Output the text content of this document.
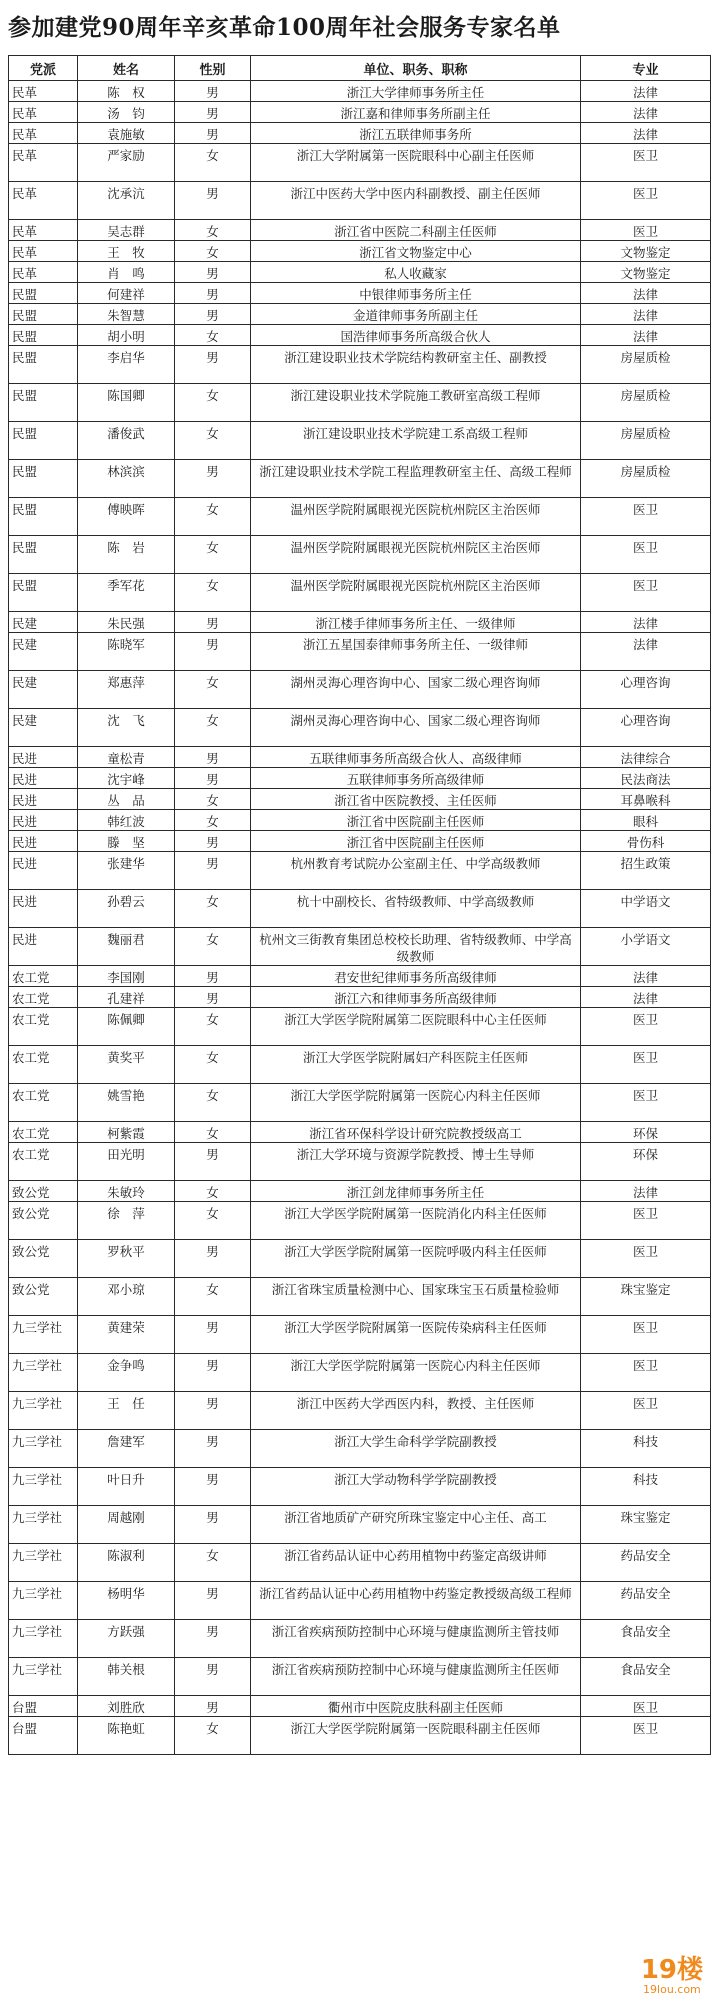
参加建党90周年辛亥革命100周年社会服务专家名单
党派	姓名	性别	单位、职务、职称	专业
民革	陈　权	男	浙江大学律师事务所主任	法律
民革	汤　钧	男	浙江嘉和律师事务所副主任	法律
民革	袁施敏	男	浙江五联律师事务所	法律
民革	严家励	女	浙江大学附属第一医院眼科中心副主任医师	医卫
民革	沈承沆	男	浙江中医药大学中医内科副教授、副主任医师	医卫
民革	吴志群	女	浙江省中医院二科副主任医师	医卫
民革	王　牧	女	浙江省文物鉴定中心	文物鉴定
民革	肖　鸣	男	私人收藏家	文物鉴定
民盟	何建祥	男	中银律师事务所主任	法律
民盟	朱智慧	男	金道律师事务所副主任	法律
民盟	胡小明	女	国浩律师事务所高级合伙人	法律
民盟	李启华	男	浙江建设职业技术学院结构教研室主任、副教授	房屋质检
民盟	陈国卿	女	浙江建设职业技术学院施工教研室高级工程师	房屋质检
民盟	潘俊武	女	浙江建设职业技术学院建工系高级工程师	房屋质检
民盟	林滨滨	男	浙江建设职业技术学院工程监理教研室主任、高级工程师	房屋质检
民盟	傅映晖	女	温州医学院附属眼视光医院杭州院区主治医师	医卫
民盟	陈　岩	女	温州医学院附属眼视光医院杭州院区主治医师	医卫
民盟	季军花	女	温州医学院附属眼视光医院杭州院区主治医师	医卫
民建	朱民强	男	浙江楼手律师事务所主任、一级律师	法律
民建	陈晓军	男	浙江五星国泰律师事务所主任、一级律师	法律
民建	郑惠萍	女	湖州灵海心理咨询中心、国家二级心理咨询师	心理咨询
民建	沈　飞	女	湖州灵海心理咨询中心、国家二级心理咨询师	心理咨询
民进	童松青	男	五联律师事务所高级合伙人、高级律师	法律综合
民进	沈宇峰	男	五联律师事务所高级律师	民法商法
民进	丛　品	女	浙江省中医院教授、主任医师	耳鼻喉科
民进	韩红波	女	浙江省中医院副主任医师	眼科
民进	滕　坚	男	浙江省中医院副主任医师	骨伤科
民进	张建华	男	杭州教育考试院办公室副主任、中学高级教师	招生政策
民进	孙碧云	女	杭十中副校长、省特级教师、中学高级教师	中学语文
民进	魏丽君	女	杭州文三街教育集团总校校长助理、省特级教师、中学高级教师	小学语文
农工党	李国刚	男	君安世纪律师事务所高级律师	法律
农工党	孔建祥	男	浙江六和律师事务所高级律师	法律
农工党	陈佩卿	女	浙江大学医学院附属第二医院眼科中心主任医师	医卫
农工党	黄奖平	女	浙江大学医学院附属妇产科医院主任医师	医卫
农工党	姚雪艳	女	浙江大学医学院附属第一医院心内科主任医师	医卫
农工党	柯紫霞	女	浙江省环保科学设计研究院教授级高工	环保
农工党	田光明	男	浙江大学环境与资源学院教授、博士生导师	环保
致公党	朱敏玲	女	浙江剑龙律师事务所主任	法律
致公党	徐　萍	女	浙江大学医学院附属第一医院消化内科主任医师	医卫
致公党	罗秋平	男	浙江大学医学院附属第一医院呼吸内科主任医师	医卫
致公党	邓小琼	女	浙江省珠宝质量检测中心、国家珠宝玉石质量检验师	珠宝鉴定
九三学社	黄建荣	男	浙江大学医学院附属第一医院传染病科主任医师	医卫
九三学社	金争鸣	男	浙江大学医学院附属第一医院心内科主任医师	医卫
九三学社	王　任	男	浙江中医药大学西医内科，教授、主任医师	医卫
九三学社	詹建军	男	浙江大学生命科学学院副教授	科技
九三学社	叶日升	男	浙江大学动物科学学院副教授	科技
九三学社	周越刚	男	浙江省地质矿产研究所珠宝鉴定中心主任、高工	珠宝鉴定
九三学社	陈淑利	女	浙江省药品认证中心药用植物中药鉴定高级讲师	药品安全
九三学社	杨明华	男	浙江省药品认证中心药用植物中药鉴定教授级高级工程师	药品安全
九三学社	方跃强	男	浙江省疾病预防控制中心环境与健康监测所主管技师	食品安全
九三学社	韩关根	男	浙江省疾病预防控制中心环境与健康监测所主任医师	食品安全
台盟	刘胜欣	男	衢州市中医院皮肤科副主任医师	医卫
台盟	陈艳虹	女	浙江大学医学院附属第一医院眼科副主任医师	医卫
19楼
19lou.com
